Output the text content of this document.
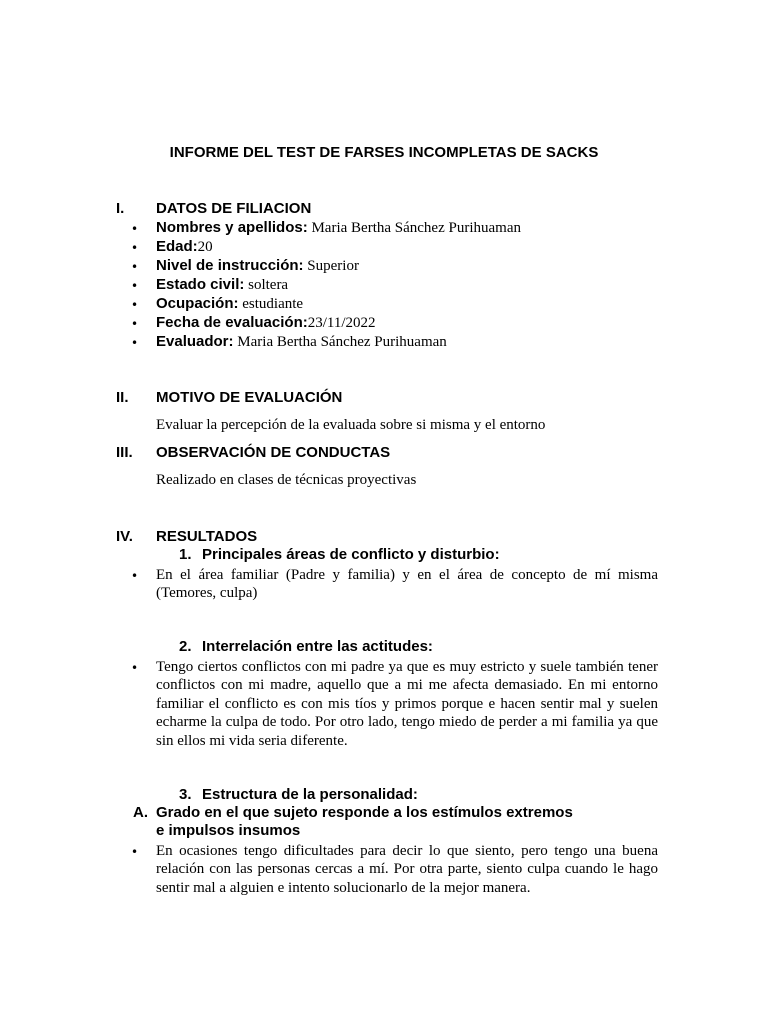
INFORME DEL TEST DE FARSES INCOMPLETAS DE SACKS
I. DATOS DE FILIACION
• Nombres y apellidos: Maria Bertha Sánchez Purihuaman
• Edad:20
• Nivel de instrucción: Superior
• Estado civil: soltera
• Ocupación: estudiante
• Fecha de evaluación:23/11/2022
• Evaluador: Maria Bertha Sánchez Purihuaman
II. MOTIVO DE EVALUACIÓN
Evaluar la percepción de la evaluada sobre si misma y el entorno
III. OBSERVACIÓN DE CONDUCTAS
Realizado en clases de técnicas proyectivas
IV. RESULTADOS
1. Principales áreas de conflicto y disturbio:
• En el área familiar (Padre y familia) y en el área de concepto de mí misma (Temores, culpa)
2. Interrelación entre las actitudes:
• Tengo ciertos conflictos con mi padre ya que es muy estricto y suele también tener conflictos con mi madre, aquello que a mi me afecta demasiado. En mi entorno familiar el conflicto es con mis tíos y primos porque e hacen sentir mal y suelen echarme la culpa de todo. Por otro lado, tengo miedo de perder a mi familia ya que sin ellos mi vida seria diferente.
3. Estructura de la personalidad:
A. Grado en el que sujeto responde a los estímulos extremos
e impulsos insumos
• En ocasiones tengo dificultades para decir lo que siento, pero tengo una buena relación con las personas cercas a mí. Por otra parte, siento culpa cuando le hago sentir mal a alguien e intento solucionarlo de la mejor manera.
